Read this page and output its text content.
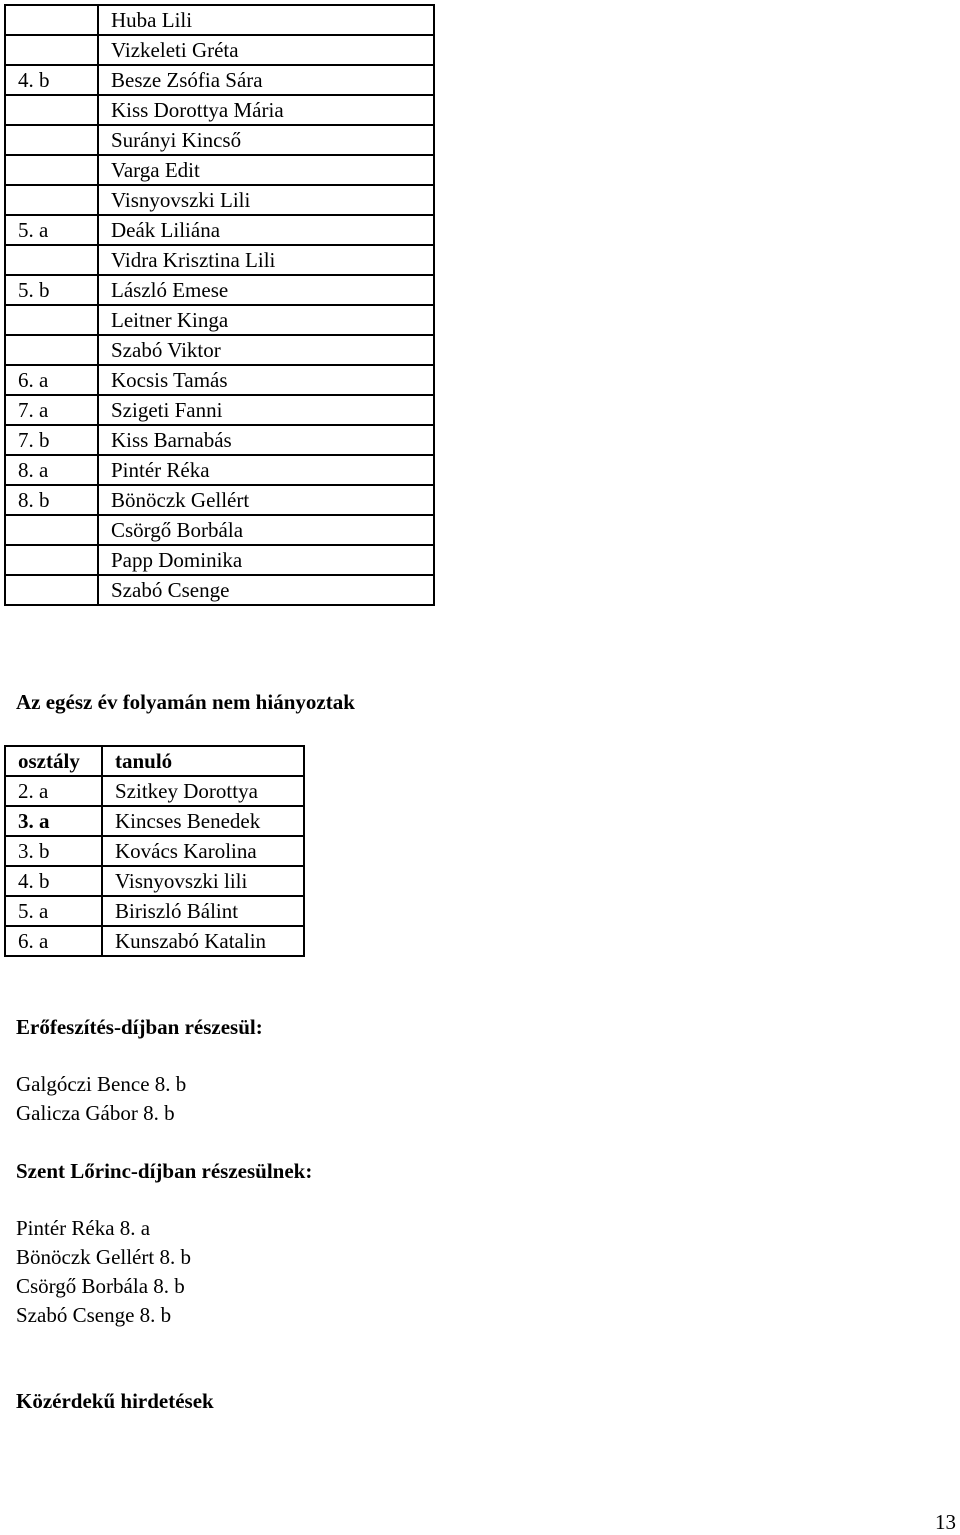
	Huba Lili
	Vizkeleti Gréta
4. b	Besze Zsófia Sára
	Kiss Dorottya Mária
	Surányi Kincső
	Varga Edit
	Visnyovszki Lili
5. a	Deák Liliána
	Vidra Krisztina Lili
5. b	László Emese
	Leitner Kinga
	Szabó Viktor
6. a	Kocsis Tamás
7. a	Szigeti Fanni
7. b	Kiss Barnabás
8. a	Pintér Réka
8. b	Bönöczk Gellért
	Csörgő Borbála
	Papp Dominika
	Szabó Csenge
Az egész év folyamán nem hiányoztak
osztály	tanuló
2. a	Szitkey Dorottya
3. a	Kincses Benedek
3. b	Kovács Karolina
4. b	Visnyovszki lili
5. a	Biriszló Bálint
6. a	Kunszabó Katalin
Erőfeszítés-díjban részesül:
Galgóczi Bence 8. b
Galicza Gábor 8. b
Szent Lőrinc-díjban részesülnek:
Pintér Réka 8. a
Bönöczk Gellért 8. b
Csörgő Borbála 8. b
Szabó Csenge 8. b
Közérdekű hirdetések
13
